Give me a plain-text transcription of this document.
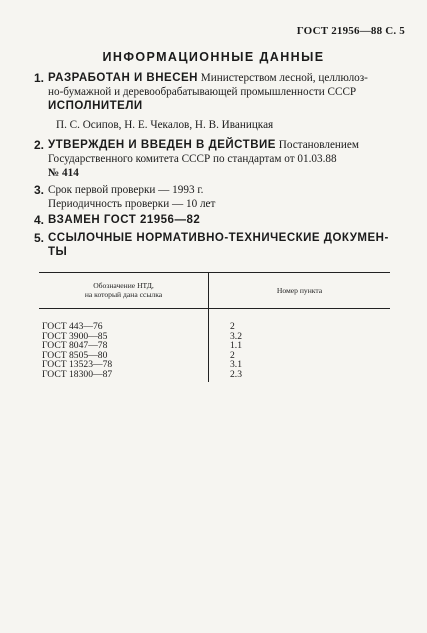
ГОСТ 21956—88 С. 5
ИНФОРМАЦИОННЫЕ ДАННЫЕ
1. РАЗРАБОТАН И ВНЕСЕН Министерством лесной, целлюлоз-
но-бумажной и деревообрабатывающей промышленности СССР
ИСПОЛНИТЕЛИ
П. С. Осипов, Н. Е. Чекалов, Н. В. Иваницкая
2. УТВЕРЖДЕН И ВВЕДЕН В ДЕЙСТВИЕ Постановлением
Государственного комитета СССР по стандартам от 01.03.88
№ 414
3. Срок первой проверки — 1993 г.
Периодичность проверки — 10 лет
4. ВЗАМЕН ГОСТ 21956—82
5. ССЫЛОЧНЫЕ НОРМАТИВНО-ТЕХНИЧЕСКИЕ ДОКУМЕН-
ТЫ
Обозначение НТД,
на который дана ссылка	Номер пункта

ГОСТ 443—76	2
ГОСТ 3900—85	3.2
ГОСТ 8047—78	1.1
ГОСТ 8505—80	2
ГОСТ 13523—78	3.1
ГОСТ 18300—87	2.3
